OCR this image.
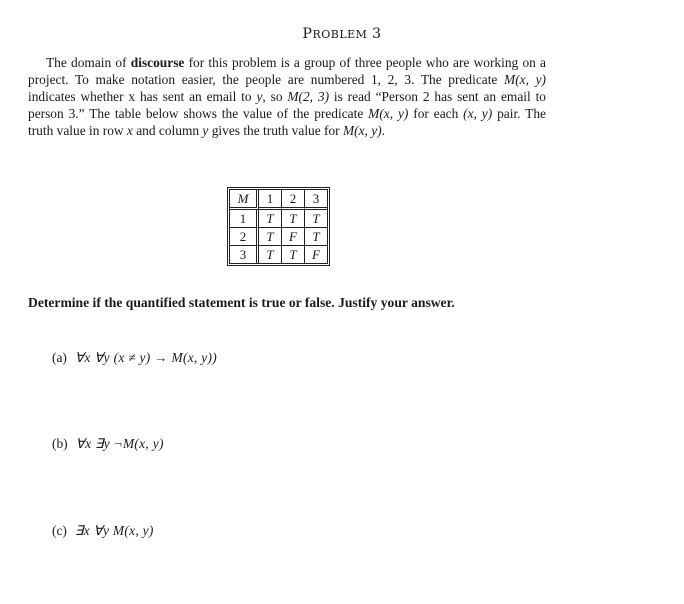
PROBLEM 3
The domain of discourse for this problem is a group of three people who are working on a project. To make notation easier, the people are numbered 1, 2, 3. The predicate M(x, y) indicates whether x has sent an email to y, so M(2, 3) is read “Person 2 has sent an email to person 3.” The table below shows the value of the predicate M(x, y) for each (x, y) pair. The truth value in row x and column y gives the truth value for M(x, y).
M	1	2	3
1	T	T	T
2	T	F	T
3	T	T	F
Determine if the quantified statement is true or false. Justify your answer.
(a) ∀x ∀y (x ≠ y) → M(x, y))
(b) ∀x ∃y ¬M(x, y)
(c) ∃x ∀y M(x, y)
